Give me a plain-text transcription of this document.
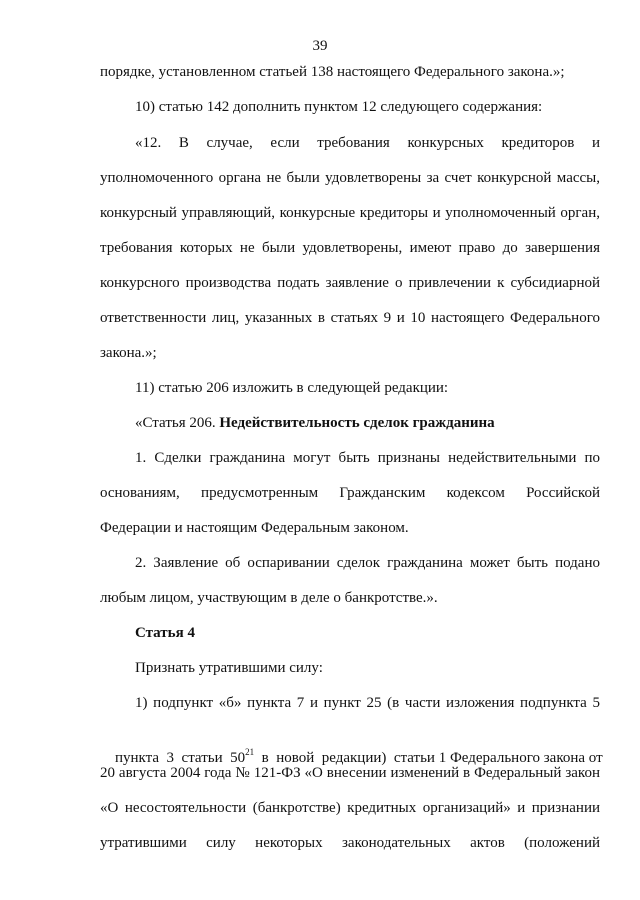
39
порядке, установленном статьей 138 настоящего Федерального закона.»;
10) статью 142 дополнить пунктом 12 следующего содержания:
«12. В случае, если требования конкурсных кредиторов и
уполномоченного органа не были удовлетворены за счет конкурсной массы,
конкурсный управляющий, конкурсные кредиторы и уполномоченный орган,
требования которых не были удовлетворены, имеют право до завершения
конкурсного производства подать заявление о привлечении к субсидиарной
ответственности лиц, указанных в статьях 9 и 10 настоящего Федерального
закона.»;
11) статью 206 изложить в следующей редакции:
«Статья 206. Недействительность сделок гражданина
1. Сделки гражданина могут быть признаны недействительными по
основаниям, предусмотренным Гражданским кодексом Российской
Федерации и настоящим Федеральным законом.
2. Заявление об оспаривании сделок гражданина может быть подано
любым лицом, участвующим в деле о банкротстве.».
Статья 4
Признать утратившими силу:
1) подпункт «б» пункта 7 и пункт 25 (в части изложения подпункта 5

пункта  3  статьи  $50^{21}$  в  новой  редакции)  статьи 1 Федерального закона от

20 августа 2004 года № 121-ФЗ «О внесении изменений в Федеральный закон
«О несостоятельности (банкротстве) кредитных организаций» и признании
утратившими силу некоторых законодательных актов (положений
